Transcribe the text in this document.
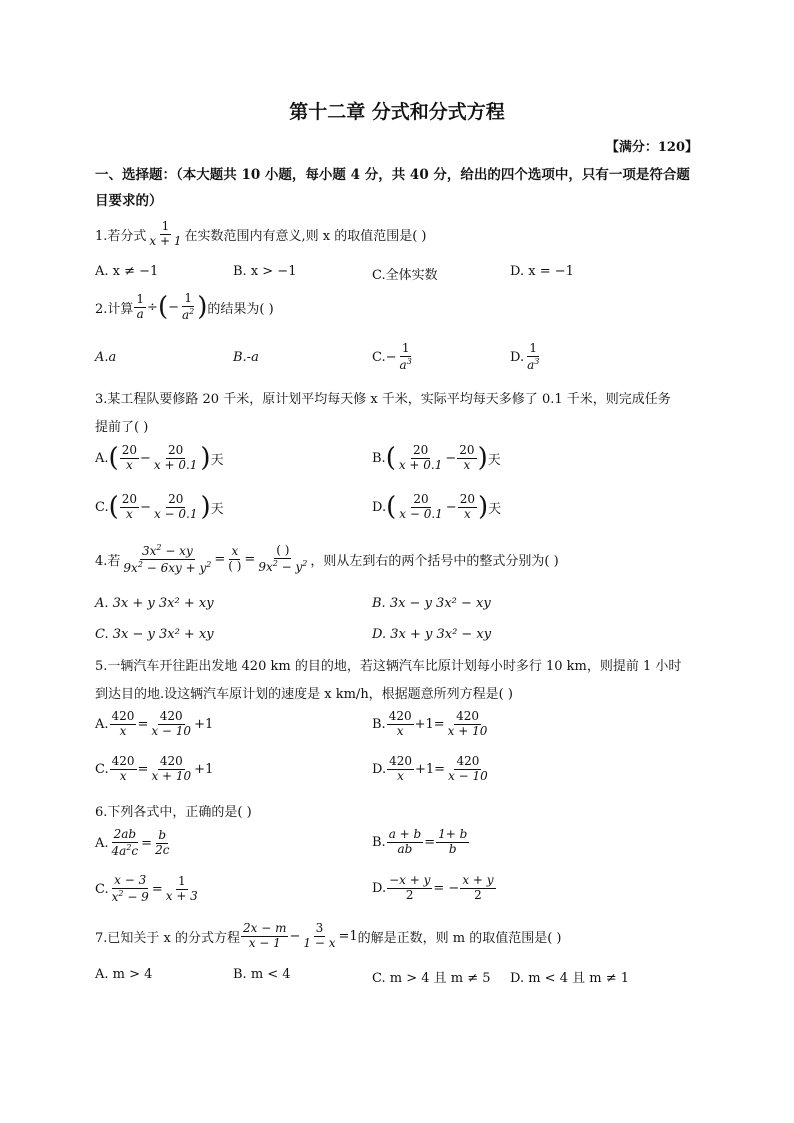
第十二章 分式和分式方程
【满分：120】
一、选择题：（本大题共 10 小题，每小题 4 分，共 40 分，给出的四个选项中，只有一项是符合题目要求的）
1.若分式 $\frac{1}{x + 1}$ 在实数范围内有意义,则 x 的取值范围是( )
A. x ≠ −1	B. x > −1	C.全体实数	D. x = −1
2.计算 $\frac{1}{a}$ ÷ ( − $\frac{1}{a^2}$ ) 的结果为( )
A.a	B.-a	C. − $\frac{1}{a^3}$	D. $\frac{1}{a^3}$
3.某工程队要修路 20 千米，原计划平均每天修 x 千米，实际平均每天多修了 0.1 千米，则完成任务
提前了( )
A. ( $\frac{20}{x} - \frac{20}{x + 0.1}$ ) 天	B. ( $\frac{20}{x + 0.1} - \frac{20}{x}$ ) 天
C. ( $\frac{20}{x} - \frac{20}{x - 0.1}$ ) 天	D. ( $\frac{20}{x - 0.1} - \frac{20}{x}$ ) 天
4.若 $\frac{3x^2 - xy}{9x^2 - 6xy + y^2} = \frac{x}{( )} = \frac{( )}{9x^2 - y^2}$ ，则从左到右的两个括号中的整式分别为( )
A. 3x + y 3x² + xy	B. 3x − y 3x² − xy
C. 3x − y 3x² + xy	D. 3x + y 3x² − xy
5.一辆汽车开往距出发地 420 km 的目的地，若这辆汽车比原计划每小时多行 10 km，则提前 1 小时
到达目的地.设这辆汽车原计划的速度是 x km/h，根据题意所列方程是( )
A. $\frac{420}{x} = \frac{420}{x - 10} +1$	B. $\frac{420}{x} +1= \frac{420}{x + 10}$
C. $\frac{420}{x} = \frac{420}{x + 10} +1$	D. $\frac{420}{x} +1= \frac{420}{x - 10}$
6.下列各式中，正确的是( )
A. $\frac{2ab}{4a^2c} = \frac{b}{2c}$	B. $\frac{a + b}{ab} = \frac{1+ b}{b}$
C. $\frac{x - 3}{x^2 - 9} = \frac{1}{x + 3}$	D. $\frac{-x + y}{2}$ = − $\frac{x + y}{2}$
7.已知关于 x 的分式方程 $\frac{2x - m}{x - 1} - \frac{3}{1 - x} =1$ 的解是正数，则 m 的取值范围是( )
A. m > 4	B. m < 4	C. m > 4 且 m ≠ 5 D. m < 4 且 m ≠ 1
